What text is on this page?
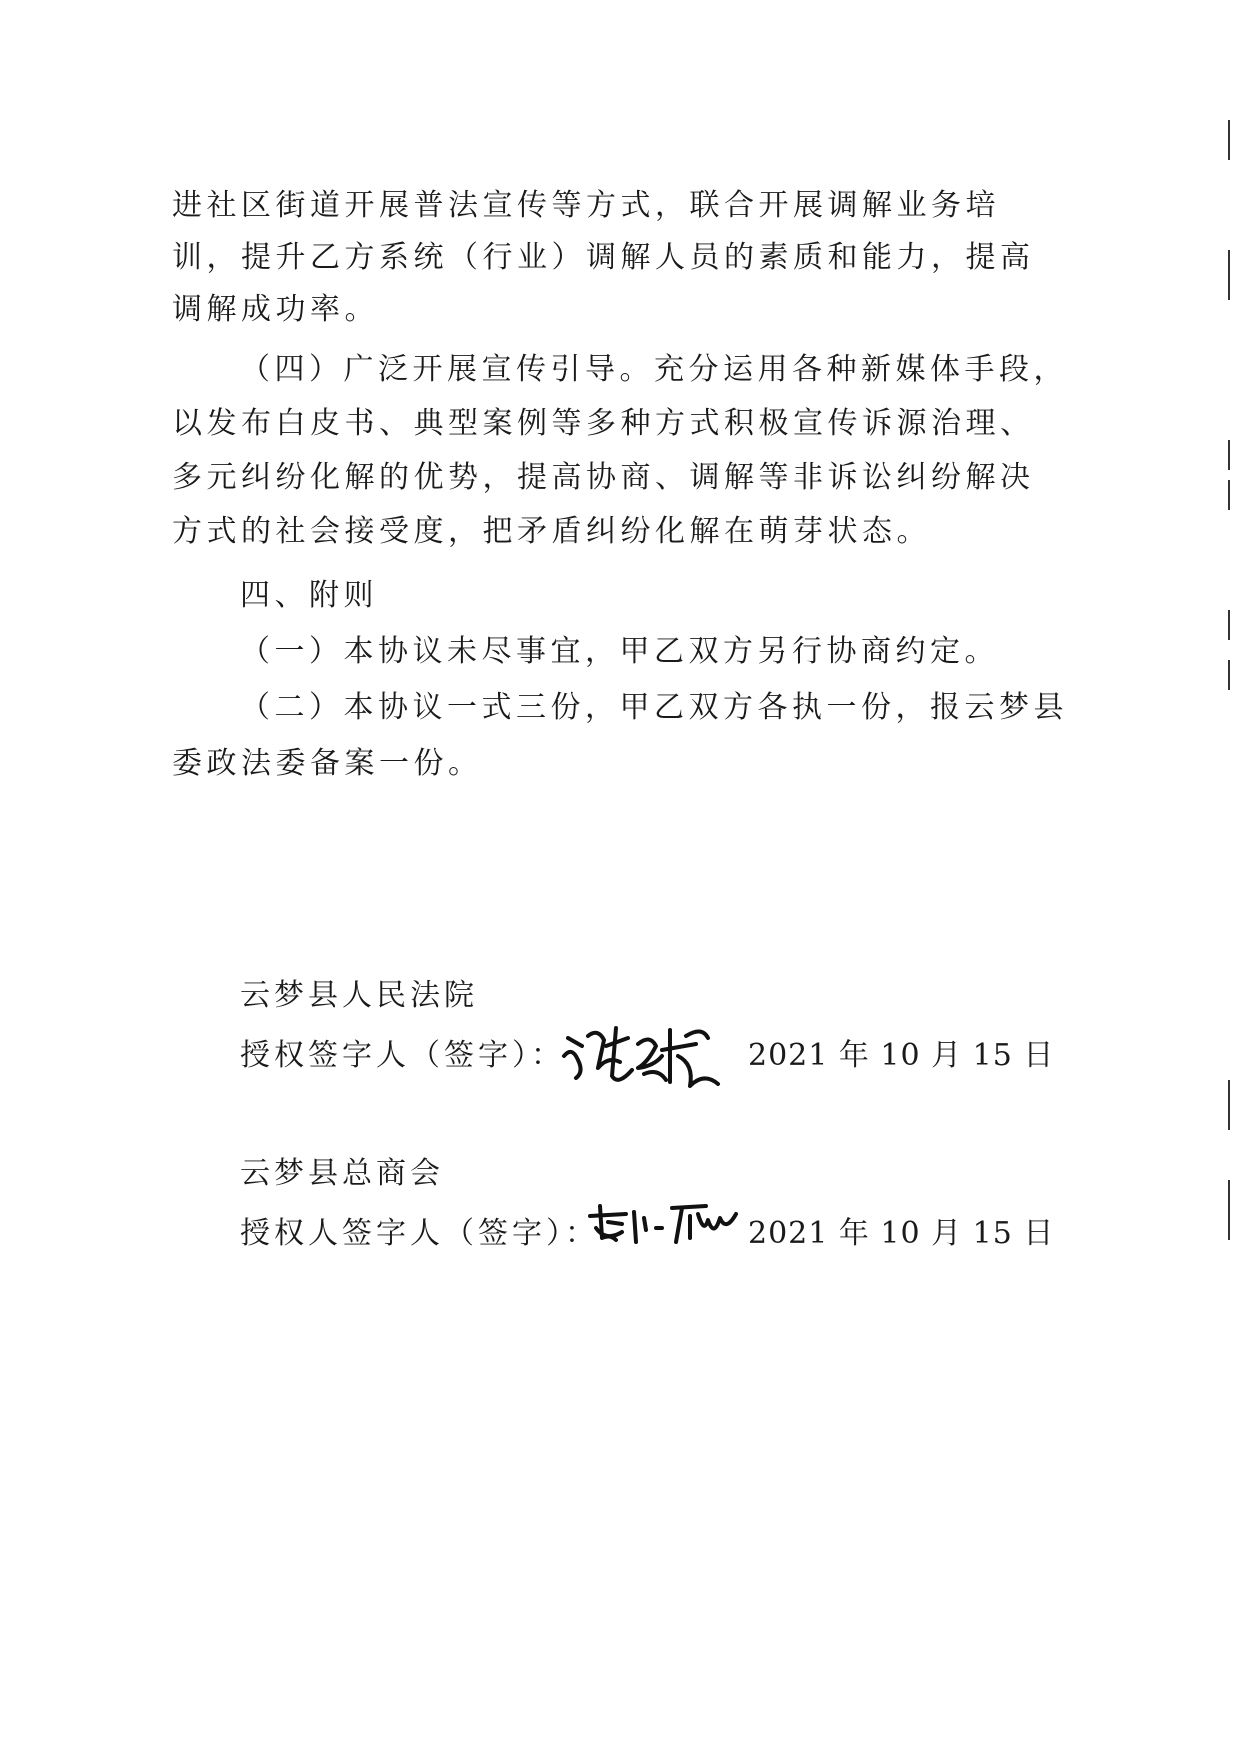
进社区街道开展普法宣传等方式，联合开展调解业务培
训，提升乙方系统（行业）调解人员的素质和能力，提高
调解成功率。
（四）广泛开展宣传引导。充分运用各种新媒体手段，
以发布白皮书、典型案例等多种方式积极宣传诉源治理、
多元纠纷化解的优势，提高协商、调解等非诉讼纠纷解决
方式的社会接受度，把矛盾纠纷化解在萌芽状态。
四、附则
（一）本协议未尽事宜，甲乙双方另行协商约定。
（二）本协议一式三份，甲乙双方各执一份，报云梦县
委政法委备案一份。
云梦县人民法院
授权签字人（签字）：	2021 年 10 月 15 日
云梦县总商会
授权人签字人（签字）：	2021 年 10 月 15 日
